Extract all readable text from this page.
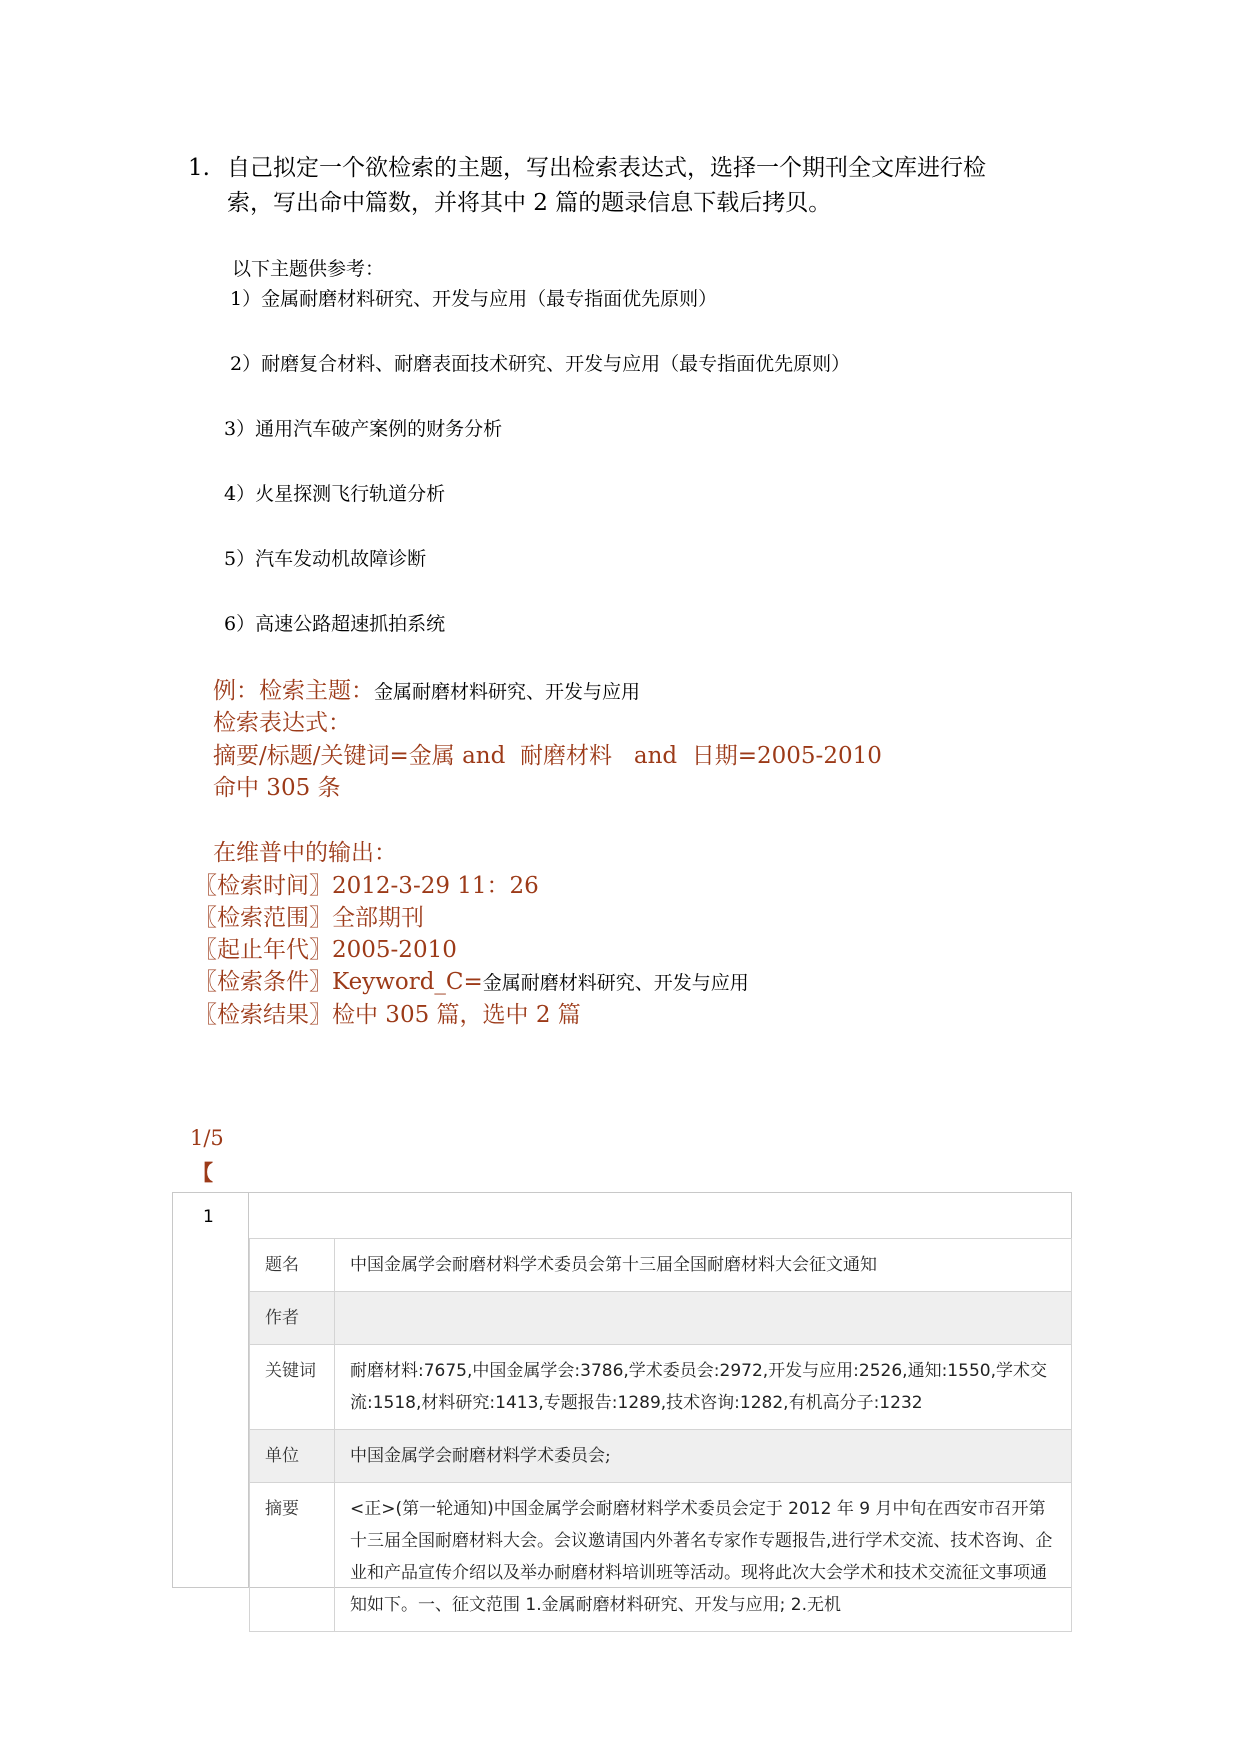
1. 自己拟定一个欲检索的主题，写出检索表达式，选择一个期刊全文库进行检
索，写出命中篇数，并将其中 2 篇的题录信息下载后拷贝。
以下主题供参考：
1）金属耐磨材料研究、开发与应用（最专指面优先原则）
2）耐磨复合材料、耐磨表面技术研究、开发与应用（最专指面优先原则）
3）通用汽车破产案例的财务分析
4）火星探测飞行轨道分析
5）汽车发动机故障诊断
6）高速公路超速抓拍系统
例：检索主题：金属耐磨材料研究、开发与应用
检索表达式：
摘要/标题/关键词=金属 and  耐磨材料   and  日期=2005-2010
命中 305 条
在维普中的输出：
〖检索时间〗2012-3-29 11：26
〖检索范围〗全部期刊
〖起止年代〗2005-2010
〖检索条件〗Keyword_C=金属耐磨材料研究、开发与应用
〖检索结果〗检中 305 篇，选中 2 篇
1/5
【
1
题名	中国金属学会耐磨材料学术委员会第十三届全国耐磨材料大会征文通知
作者	
关键词	耐磨材料:7675,中国金属学会:3786,学术委员会:2972,开发与应用:2526,通知:1550,学术交流:1518,材料研究:1413,专题报告:1289,技术咨询:1282,有机高分子:1232
单位	中国金属学会耐磨材料学术委员会;
摘要	<正>(第一轮通知)中国金属学会耐磨材料学术委员会定于 2012 年 9 月中旬在西安市召开第十三届全国耐磨材料大会。会议邀请国内外著名专家作专题报告,进行学术交流、技术咨询、企业和产品宣传介绍以及举办耐磨材料培训班等活动。现将此次大会学术和技术交流征文事项通知如下。一、征文范围 1.金属耐磨材料研究、开发与应用; 2.无机
